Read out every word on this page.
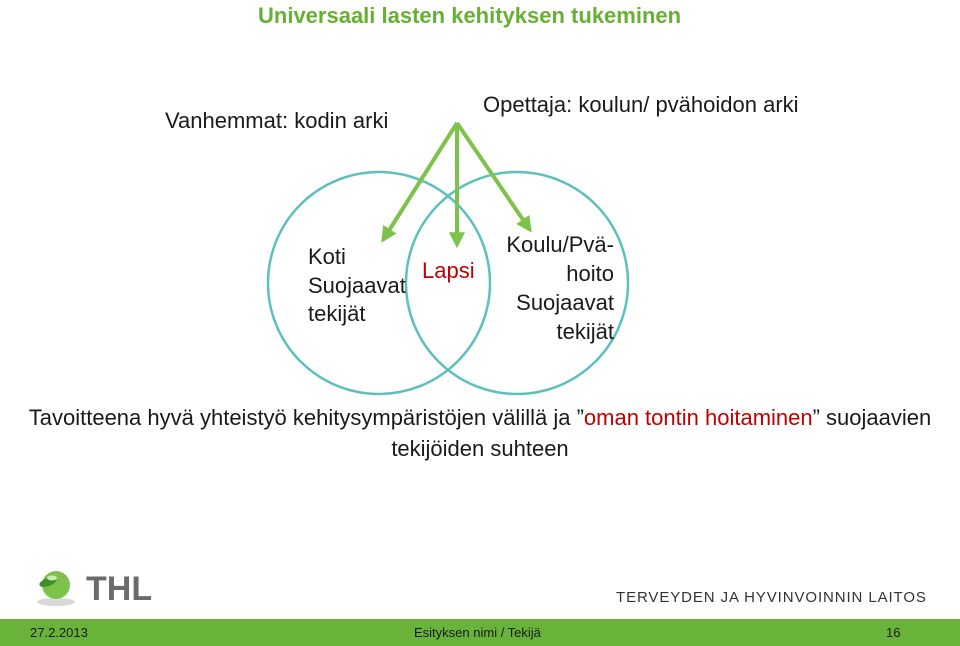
Universaali lasten kehityksen tukeminen
Vanhemmat: kodin arki
Opettaja: koulun/ pvähoidon arki
Koti
Suojaavat
tekijät
Lapsi
Koulu/Pvä-
hoito
Suojaavat
tekijät
Tavoitteena hyvä yhteistyö kehitysympäristöjen välillä ja ”oman tontin hoitaminen” suojaavien tekijöiden suhteen
THL	TERVEYDEN JA HYVINVOINNIN LAITOS
27.2.2013	Esityksen nimi / Tekijä	16
